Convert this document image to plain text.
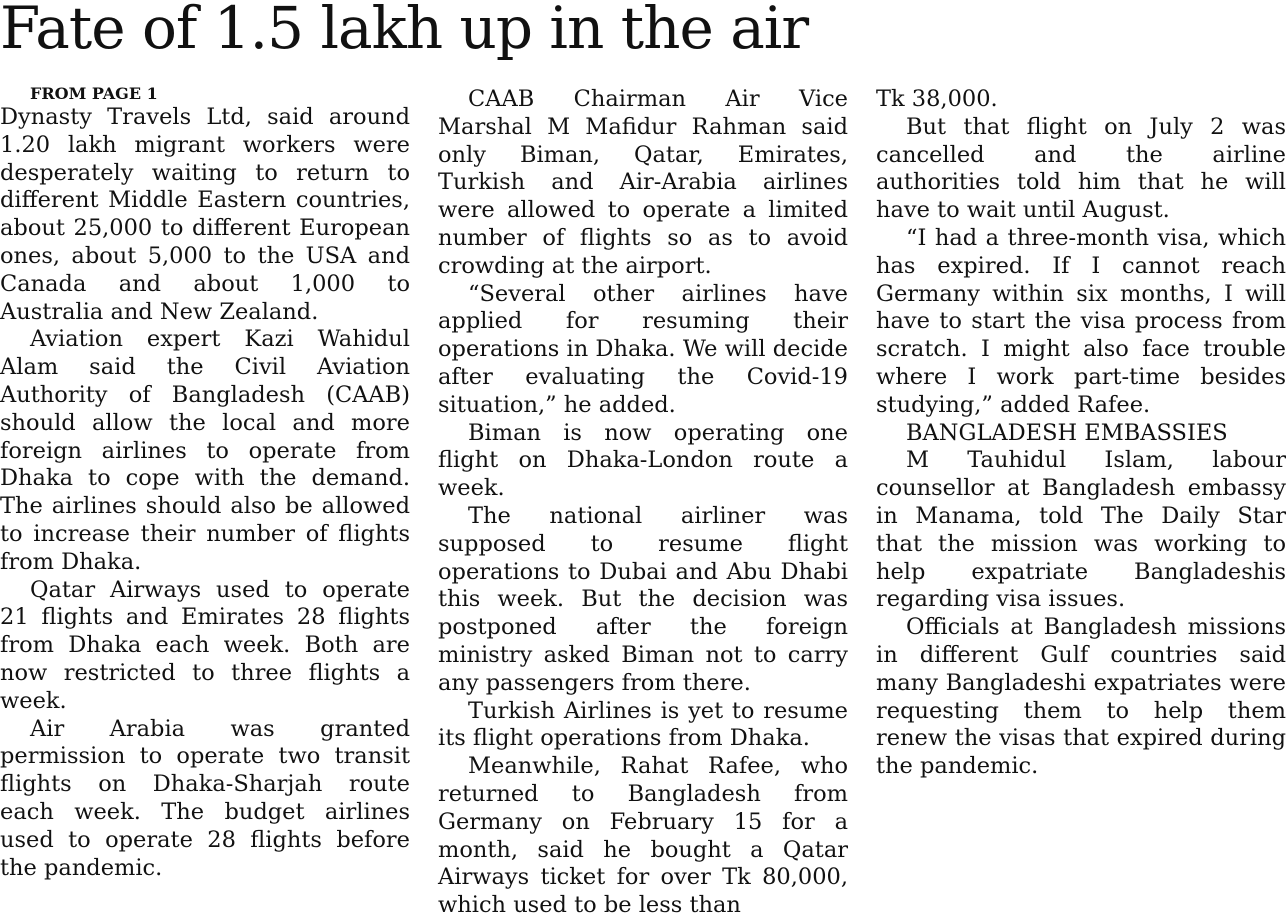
Fate of 1.5 lakh up in the air

FROM PAGE 1

Dynasty Travels Ltd, said around 1.20 lakh migrant workers were desperately waiting to return to different Middle Eastern countries, about 25,000 to different European ones, about 5,000 to the USA and Canada and about 1,000 to Australia and New Zealand.

Aviation expert Kazi Wahidul Alam said the Civil Aviation Authority of Bangladesh (CAAB) should allow the local and more foreign airlines to operate from Dhaka to cope with the demand. The airlines should also be allowed to increase their number of flights from Dhaka.

Qatar Airways used to operate 21 flights and Emirates 28 flights from Dhaka each week. Both are now restricted to three flights a week.

Air Arabia was granted permission to operate two transit flights on Dhaka-Sharjah route each week. The budget airlines used to operate 28 flights before the pandemic.

CAAB Chairman Air Vice Marshal M Mafidur Rahman said only Biman, Qatar, Emirates, Turkish and Air-Arabia airlines were allowed to operate a limited number of flights so as to avoid crowding at the airport.

“Several other airlines have applied for resuming their operations in Dhaka. We will decide after evaluating the Covid-19 situation,” he added.

Biman is now operating one flight on Dhaka-London route a week.

The national airliner was supposed to resume flight operations to Dubai and Abu Dhabi this week. But the decision was postponed after the foreign ministry asked Biman not to carry any passengers from there.

Turkish Airlines is yet to resume its flight operations from Dhaka.

Meanwhile, Rahat Rafee, who returned to Bangladesh from Germany on February 15 for a month, said he bought a Qatar Airways ticket for over Tk 80,000, which used to be less than

Tk 38,000.

But that flight on July 2 was cancelled and the airline authorities told him that he will have to wait until August.

“I had a three-month visa, which has expired. If I cannot reach Germany within six months, I will have to start the visa process from scratch. I might also face trouble where I work part-time besides studying,” added Rafee.

BANGLADESH EMBASSIES

M Tauhidul Islam, labour counsellor at Bangladesh embassy in Manama, told The Daily Star that the mission was working to help expatriate Bangladeshis regarding visa issues.

Officials at Bangladesh missions in different Gulf countries said many Bangladeshi expatriates were requesting them to help them renew the visas that expired during the pandemic.
